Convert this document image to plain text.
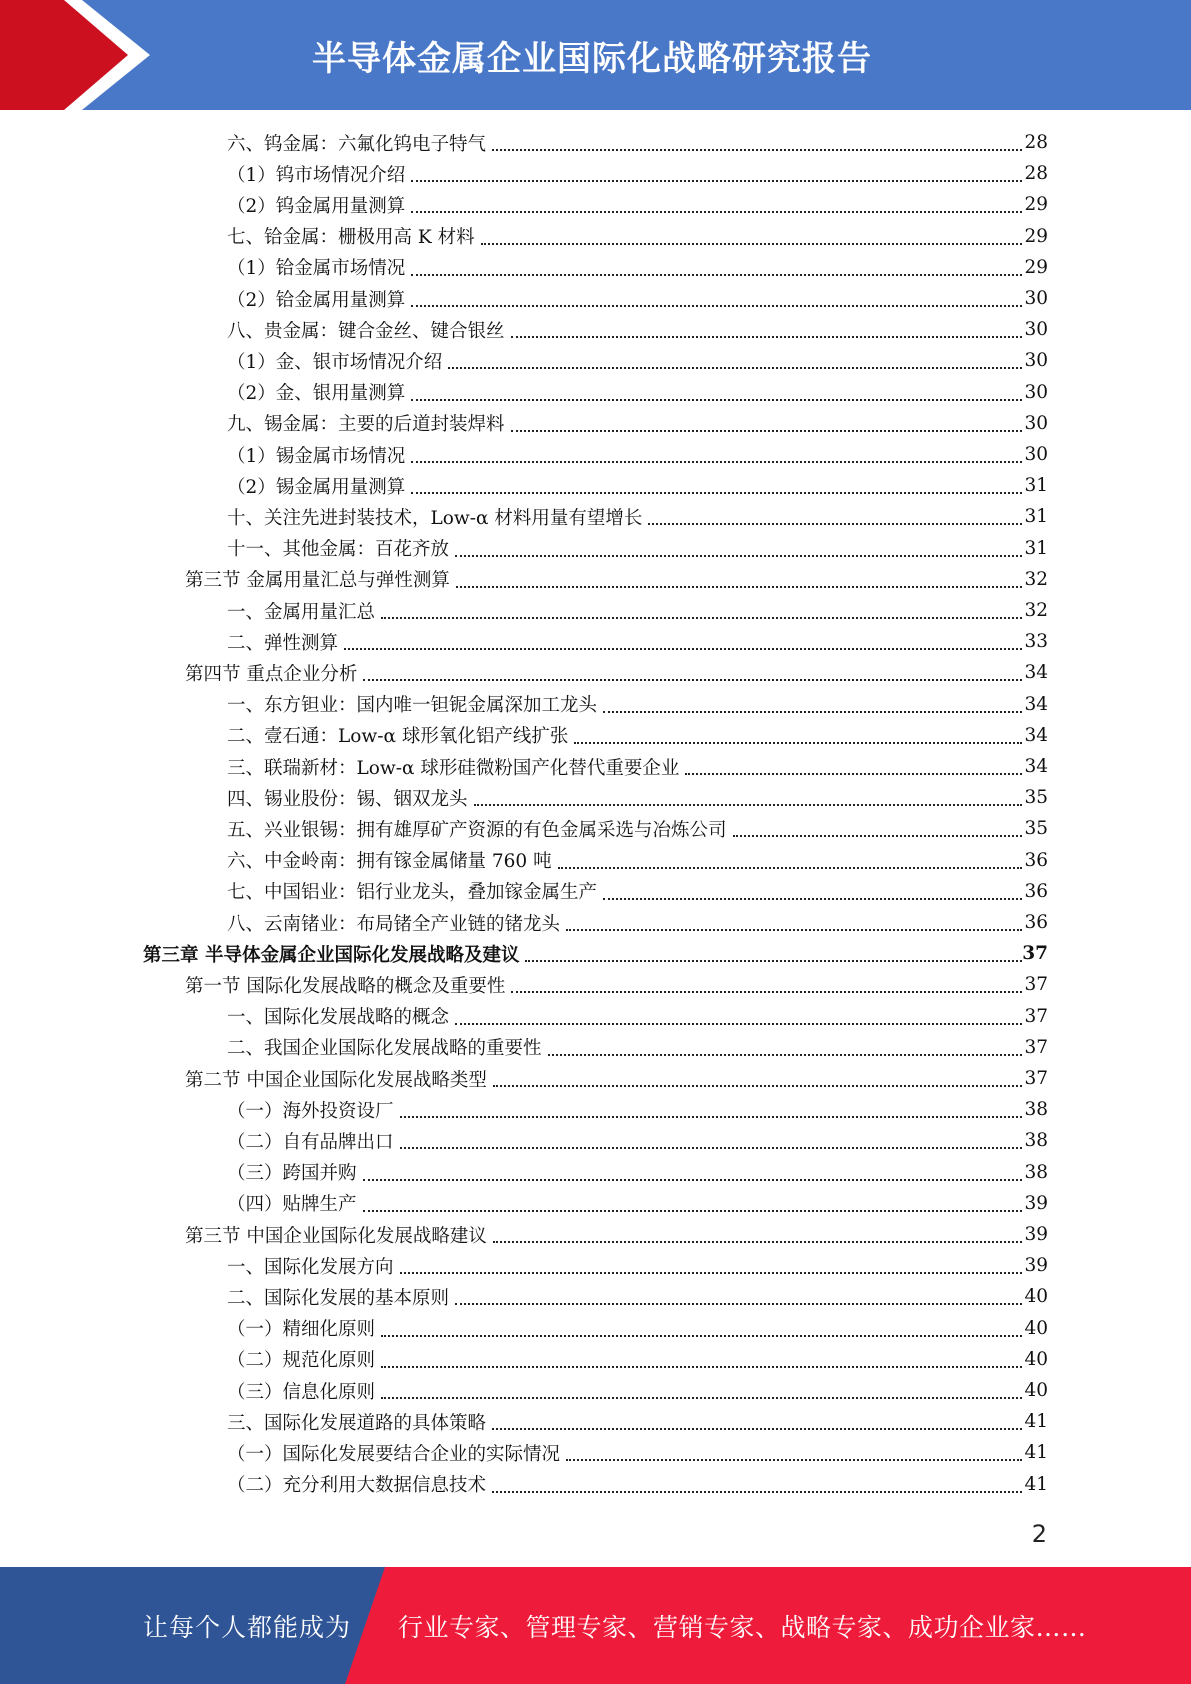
半导体金属企业国际化战略研究报告
六、钨金属：六氟化钨电子特气	28
（1）钨市场情况介绍	28
（2）钨金属用量测算	29
七、铪金属：栅极用高 K 材料	29
（1）铪金属市场情况	29
（2）铪金属用量测算	30
八、贵金属：键合金丝、键合银丝	30
（1）金、银市场情况介绍	30
（2）金、银用量测算	30
九、锡金属：主要的后道封装焊料	30
（1）锡金属市场情况	30
（2）锡金属用量测算	31
十、关注先进封装技术，Low-α 材料用量有望增长	31
十一、其他金属：百花齐放	31
第三节 金属用量汇总与弹性测算	32
一、金属用量汇总	32
二、弹性测算	33
第四节 重点企业分析	34
一、东方钽业：国内唯一钽铌金属深加工龙头	34
二、壹石通：Low-α 球形氧化铝产线扩张	34
三、联瑞新材：Low-α 球形硅微粉国产化替代重要企业	34
四、锡业股份：锡、铟双龙头	35
五、兴业银锡：拥有雄厚矿产资源的有色金属采选与冶炼公司	35
六、中金岭南：拥有镓金属储量 760 吨	36
七、中国铝业：铝行业龙头，叠加镓金属生产	36
八、云南锗业：布局锗全产业链的锗龙头	36
第三章 半导体金属企业国际化发展战略及建议	37
第一节 国际化发展战略的概念及重要性	37
一、国际化发展战略的概念	37
二、我国企业国际化发展战略的重要性	37
第二节 中国企业国际化发展战略类型	37
（一）海外投资设厂	38
（二）自有品牌出口	38
（三）跨国并购	38
（四）贴牌生产	39
第三节 中国企业国际化发展战略建议	39
一、国际化发展方向	39
二、国际化发展的基本原则	40
（一）精细化原则	40
（二）规范化原则	40
（三）信息化原则	40
三、国际化发展道路的具体策略	41
（一）国际化发展要结合企业的实际情况	41
（二）充分利用大数据信息技术	41
2
让每个人都能成为 行业专家、管理专家、营销专家、战略专家、成功企业家……
